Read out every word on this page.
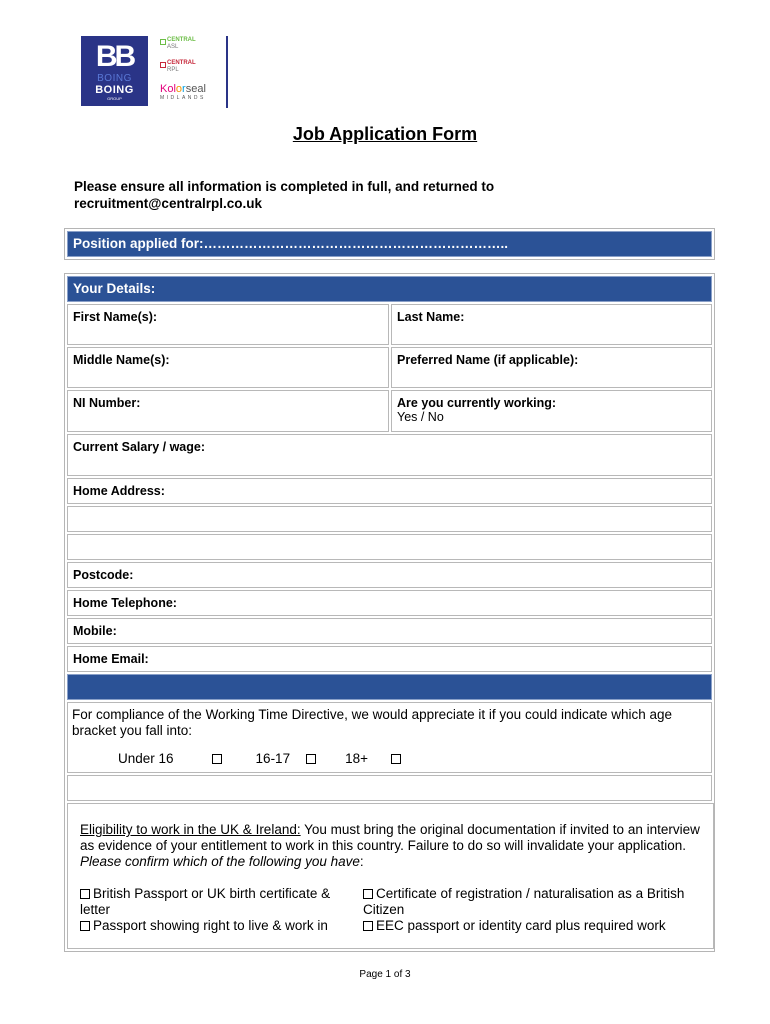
BB
BOING
BOING
GROUP
CENTRAL
ASL
CENTRAL
RPL
Kolorseal
MIDLANDS
Job Application Form
Please ensure all information is completed in full, and returned to recruitment@centralrpl.co.uk
Position applied for:…………………………………………………………..
Your Details:
First Name(s):	Last Name:
Middle Name(s):	Preferred Name (if applicable):
NI Number:	Are you currently working:
Yes / No
Current Salary / wage:
Home Address:
Postcode:
Home Telephone:
Mobile:
Home Email:
For compliance of the Working Time Directive, we would appreciate it if you could indicate which age bracket you fall into:
Under 16	16-17	18+
Eligibility to work in the UK & Ireland: You must bring the original documentation if invited to an interview as evidence of your entitlement to work in this country. Failure to do so will invalidate your application. Please confirm which of the following you have:
British Passport or UK birth certificate & letter
Passport showing right to live & work in
Certificate of registration / naturalisation as a British Citizen
EEC passport or identity card plus required work
Page 1 of 3
